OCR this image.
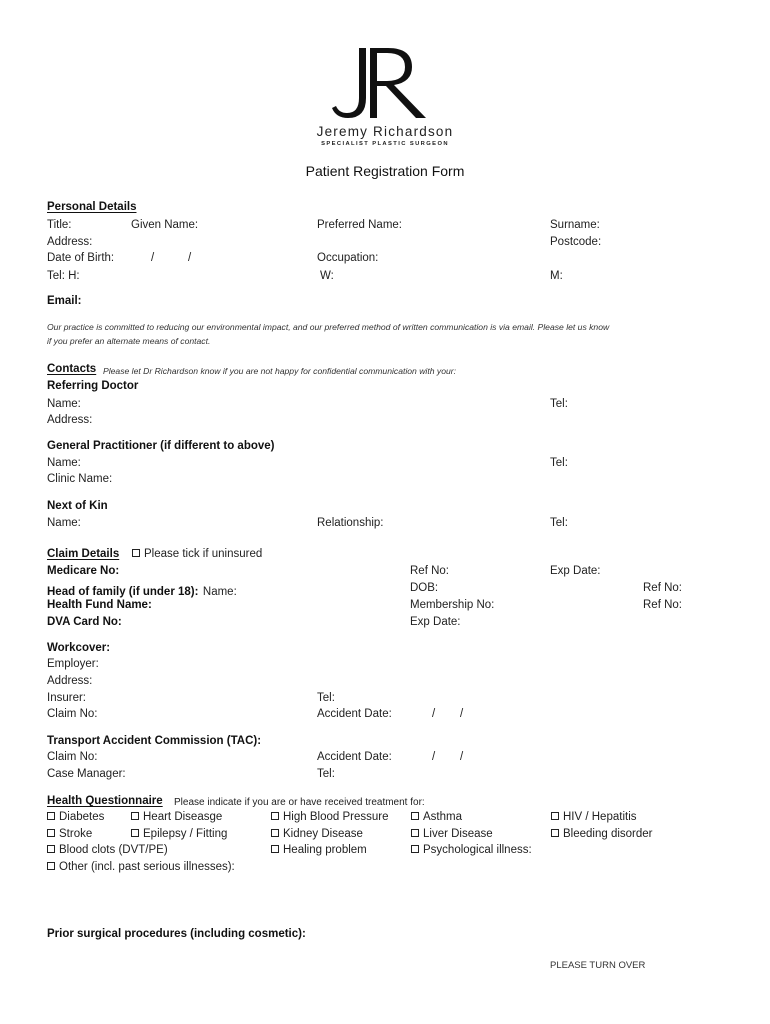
Jeremy Richardson
SPECIALIST PLASTIC SURGEON
Patient Registration Form
Personal Details
Title:	Given Name:	Preferred Name:	Surname:
Address:	Postcode:
Date of Birth:	/	/	Occupation:
Tel: H:	W:	M:
Email:
Our practice is committed to reducing our environmental impact, and our preferred method of written communication is via email. Please let us know
if you prefer an alternate means of contact.
Contacts Please let Dr Richardson know if you are not happy for confidential communication with your:
Referring Doctor
Name:	Tel:
Address:
General Practitioner (if different to above)
Name:	Tel:
Clinic Name:
Next of Kin
Name:	Relationship:	Tel:
Claim Details	Please tick if uninsured
Medicare No:	Ref No:	Exp Date:
Head of family (if under 18): Name:	DOB:	Ref No:
Health Fund Name:	Membership No:	Ref No:
DVA Card No:	Exp Date:
Workcover:
Employer:
Address:
Insurer:	Tel:
Claim No:	Accident Date:	/ /
Transport Accident Commission (TAC):
Claim No:	Accident Date:	/ /
Case Manager:	Tel:
Health Questionnaire Please indicate if you are or have received treatment for:
Diabetes	Heart Diseasge	High Blood Pressure	Asthma	HIV / Hepatitis
Stroke	Epilepsy / Fitting	Kidney Disease	Liver Disease	Bleeding disorder
Blood clots (DVT/PE)	Healing problem	Psychological illness:
Other (incl. past serious illnesses):
Prior surgical procedures (including cosmetic):
PLEASE TURN OVER
